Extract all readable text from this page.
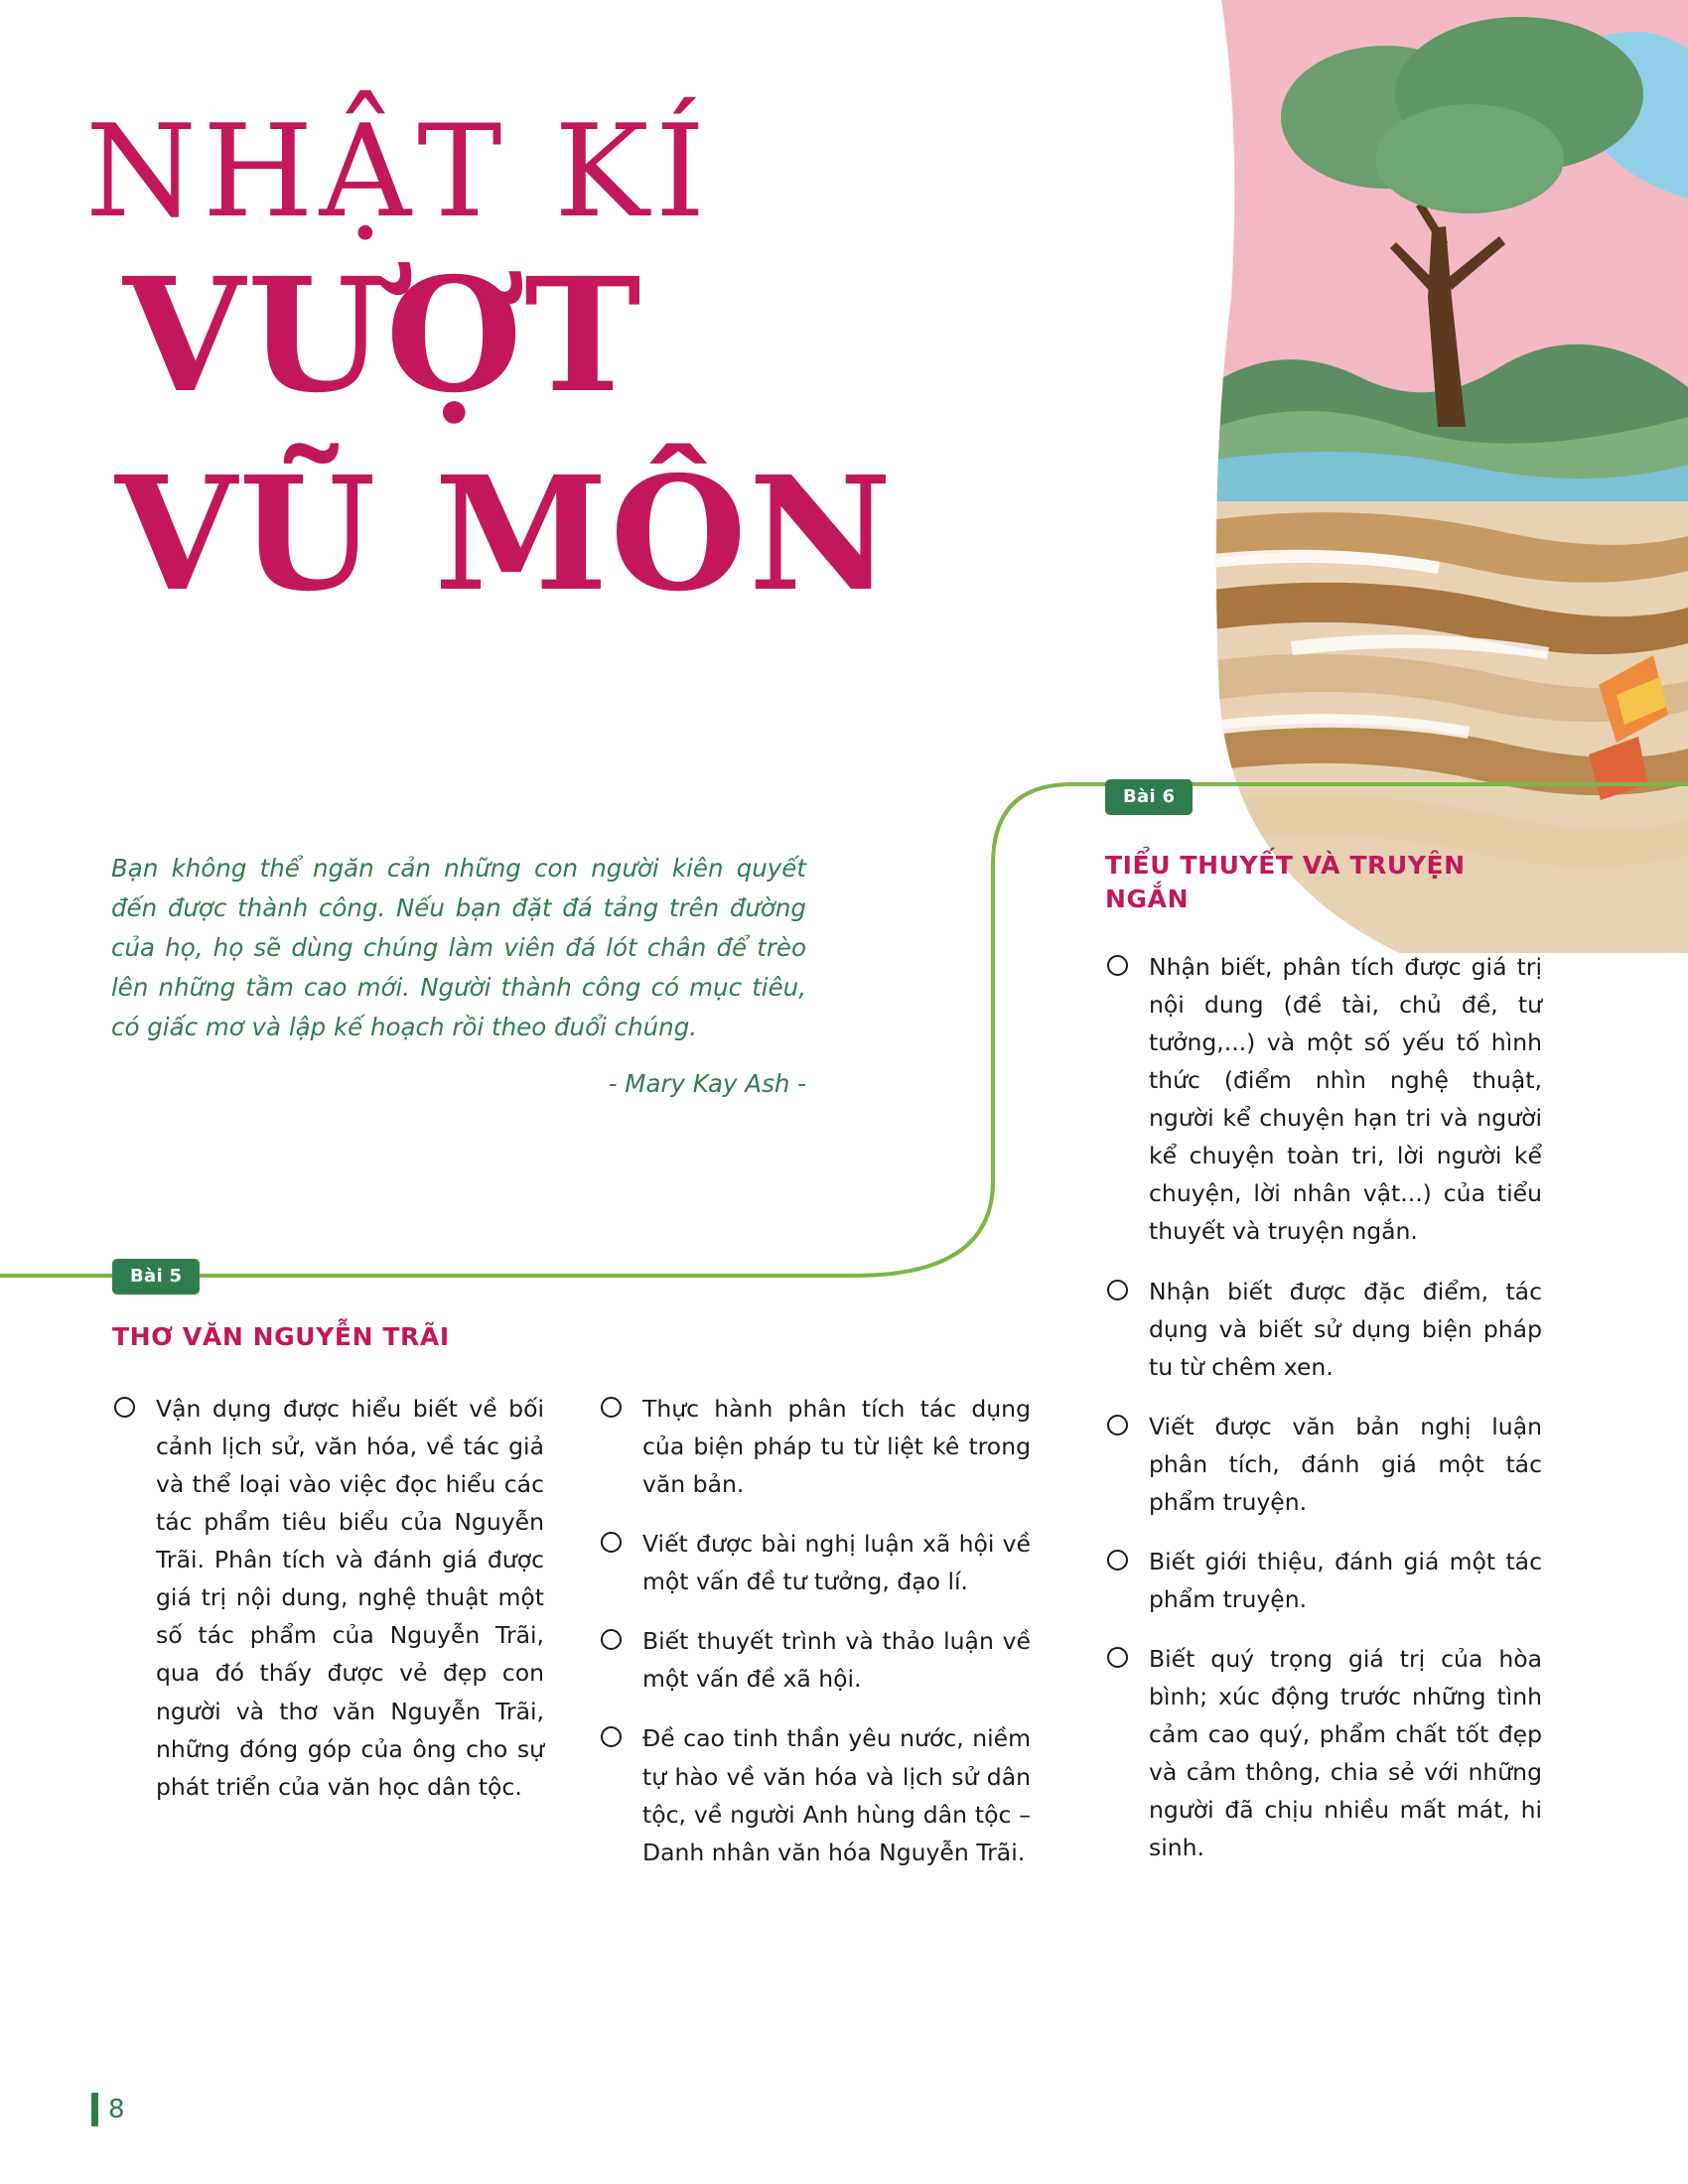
NHẬT KÍ
VƯỢT
VŨ MÔN

Bạn không thể ngăn cản những con người kiên quyết đến được thành công. Nếu bạn đặt đá tảng trên đường của họ, họ sẽ dùng chúng làm viên đá lót chân để trèo lên những tầm cao mới. Người thành công có mục tiêu, có giấc mơ và lập kế hoạch rồi theo đuổi chúng.

- Mary Kay Ash -
Bài 5
Bài 6
THƠ VĂN NGUYỄN TRÃI
TIỂU THUYẾT VÀ TRUYỆN NGẮN
Vận dụng được hiểu biết về bối cảnh lịch sử, văn hóa, về tác giả và thể loại vào việc đọc hiểu các tác phẩm tiêu biểu của Nguyễn Trãi. Phân tích và đánh giá được giá trị nội dung, nghệ thuật một số tác phẩm của Nguyễn Trãi, qua đó thấy được vẻ đẹp con người và thơ văn Nguyễn Trãi, những đóng góp của ông cho sự phát triển của văn học dân tộc.
Thực hành phân tích tác dụng của biện pháp tu từ liệt kê trong văn bản.
Viết được bài nghị luận xã hội về một vấn đề tư tưởng, đạo lí.
Biết thuyết trình và thảo luận về một vấn đề xã hội.
Đề cao tinh thần yêu nước, niềm tự hào về văn hóa và lịch sử dân tộc, về người Anh hùng dân tộc – Danh nhân văn hóa Nguyễn Trãi.
Nhận biết, phân tích được giá trị nội dung (đề tài, chủ đề, tư tưởng,...) và một số yếu tố hình thức (điểm nhìn nghệ thuật, người kể chuyện hạn tri và người kể chuyện toàn tri, lời người kể chuyện, lời nhân vật...) của tiểu thuyết và truyện ngắn.
Nhận biết được đặc điểm, tác dụng và biết sử dụng biện pháp tu từ chêm xen.
Viết được văn bản nghị luận phân tích, đánh giá một tác phẩm truyện.
Biết giới thiệu, đánh giá một tác phẩm truyện.
Biết quý trọng giá trị của hòa bình; xúc động trước những tình cảm cao quý, phẩm chất tốt đẹp và cảm thông, chia sẻ với những người đã chịu nhiều mất mát, hi sinh.
8
